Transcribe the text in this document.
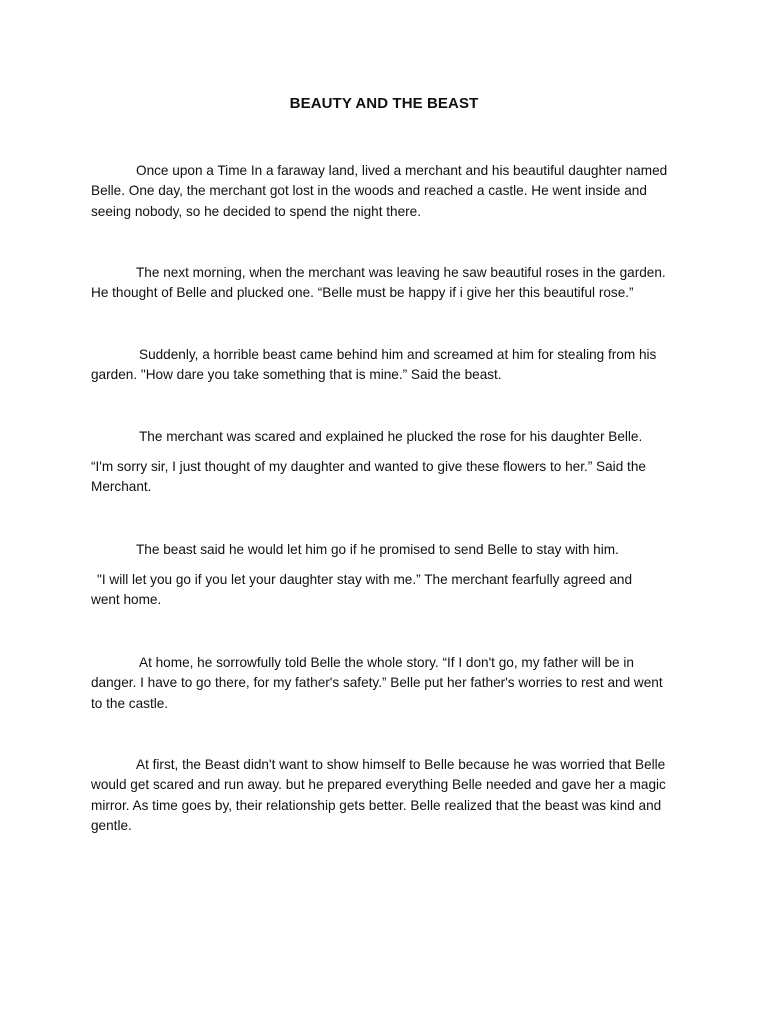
BEAUTY AND THE BEAST

Once upon a Time In a faraway land, lived a merchant and his beautiful daughter named
Belle. One day, the merchant got lost in the woods and reached a castle. He went inside and
seeing nobody, so he decided to spend the night there.

The next morning, when the merchant was leaving he saw beautiful roses in the garden.
He thought of Belle and plucked one. “Belle must be happy if i give her this beautiful rose.”

Suddenly, a horrible beast came behind him and screamed at him for stealing from his
garden. "How dare you take something that is mine.” Said the beast.

The merchant was scared and explained he plucked the rose for his daughter Belle.

“I'm sorry sir, I just thought of my daughter and wanted to give these flowers to her.” Said the
Merchant.

The beast said he would let him go if he promised to send Belle to stay with him.

"I will let you go if you let your daughter stay with me.” The merchant fearfully agreed and
went home.

At home, he sorrowfully told Belle the whole story. “If I don't go, my father will be in
danger. I have to go there, for my father's safety.” Belle put her father's worries to rest and went
to the castle.

At first, the Beast didn't want to show himself to Belle because he was worried that Belle
would get scared and run away. but he prepared everything Belle needed and gave her a magic
mirror. As time goes by, their relationship gets better. Belle realized that the beast was kind and
gentle.
